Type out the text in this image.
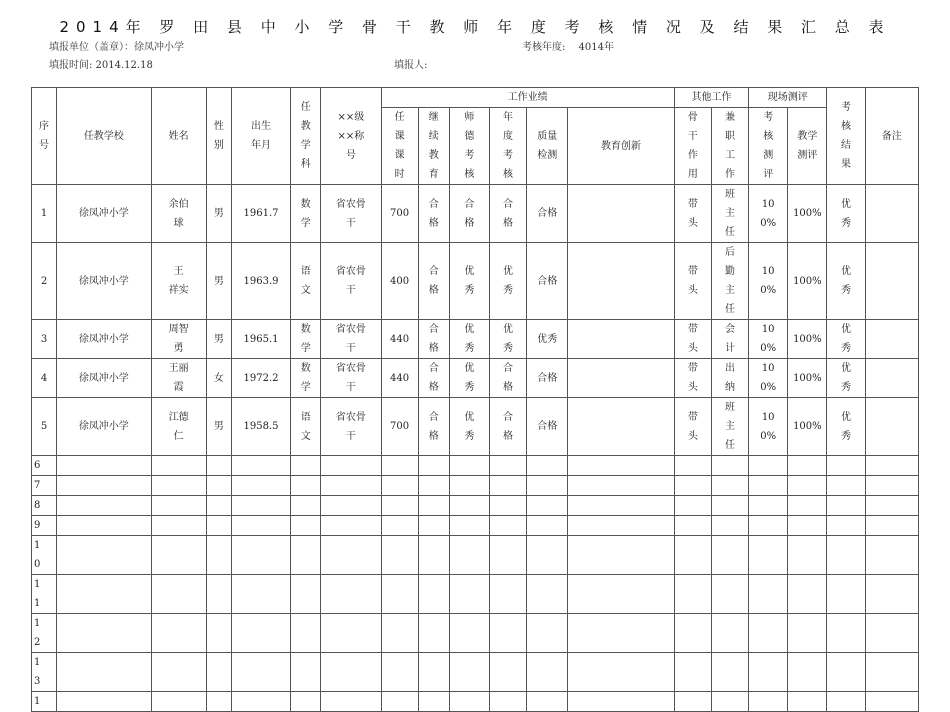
2014年 罗 田 县 中 小 学 骨 干 教 师 年 度 考 核 情 况 及 结 果 汇 总 表
填报单位（盖章）：徐凤冲小学	考核年度:　 4014年
填报时间: 2014.12.18	填报人:
序号	任教学校	姓名	性别	出生年月	任教学科	××级××称号	工作业绩						其他工作		现场测评		考核结果	备注

							任课课时	继续教育	师德考核	年度考核	质量检测	教育创新	骨干作用	兼职工作	考核测评	教学测评		

1	徐凤冲小学	余伯球	男	1961.7	数学	省农骨干	700	合格	合格	合格	合格		带头	班主任	100%	100%	优秀	

2	徐凤冲小学	王 祥实	男	1963.9	语文	省农骨干	400	合格	优秀	优秀	合格		带头	后勤主任	100%	100%	优秀	

3	徐凤冲小学	周智勇	男	1965.1	数学	省农骨干	440	合格	优秀	优秀	优秀		带头	会计	100%	100%	优秀	

4	徐凤冲小学	王丽霞	女	1972.2	数学	省农骨干	440	合格	优秀	合格	合格		带头	出纳	100%	100%	优秀	

5	徐凤冲小学	江德仁	男	1958.5	语文	省农骨干	700	合格	优秀	合格	合格		带头	班主任	100%	100%	优秀	

6																		

7																		

8																		

9																		

10																		

11																		

12																		

13																		

1																		
